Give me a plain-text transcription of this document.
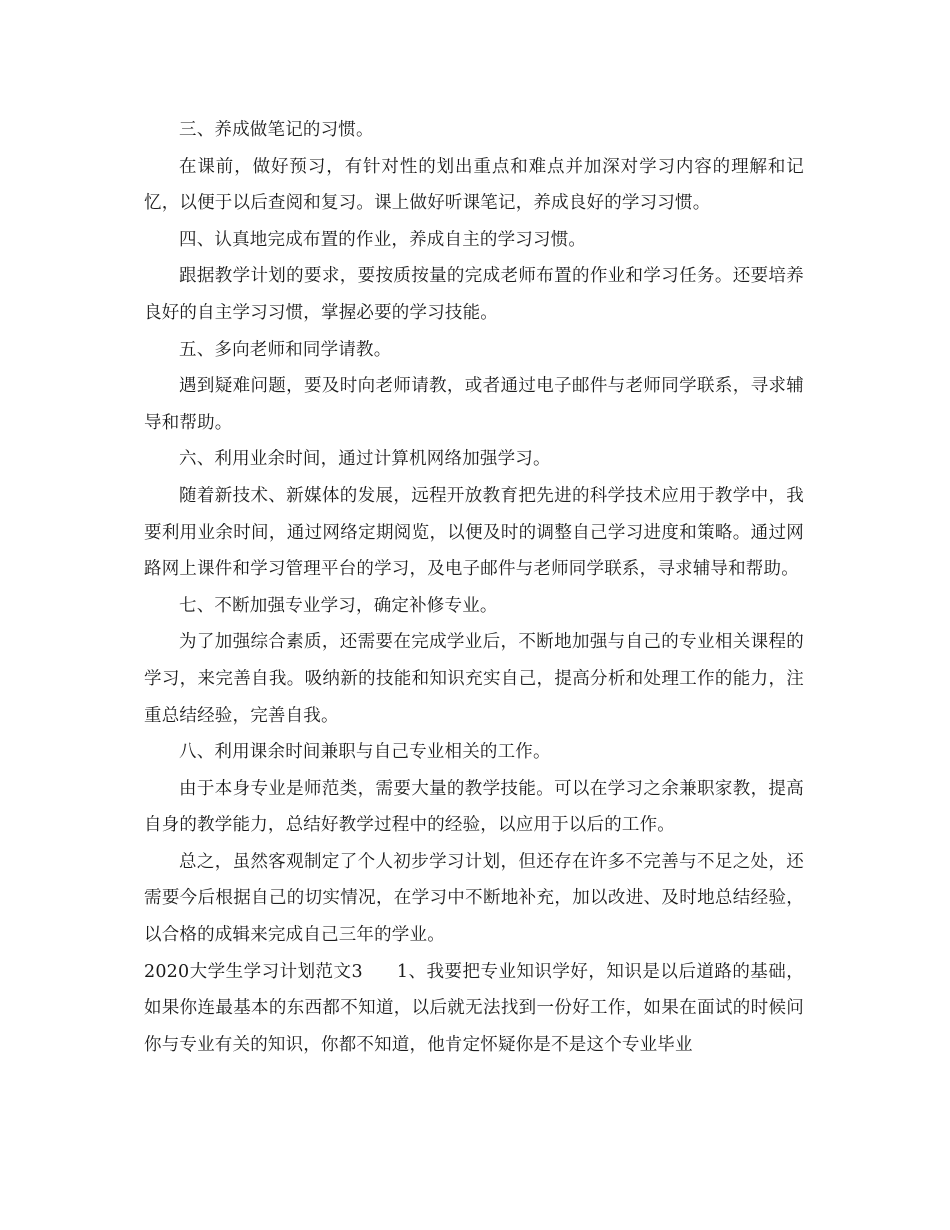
三、养成做笔记的习惯。

在课前，做好预习，有针对性的划出重点和难点并加深对学习内容的理解和记忆，以便于以后查阅和复习。课上做好听课笔记，养成良好的学习习惯。

四、认真地完成布置的作业，养成自主的学习习惯。

跟据教学计划的要求，要按质按量的完成老师布置的作业和学习任务。还要培养良好的自主学习习惯，掌握必要的学习技能。

五、多向老师和同学请教。

遇到疑难问题，要及时向老师请教，或者通过电子邮件与老师同学联系，寻求辅导和帮助。

六、利用业余时间，通过计算机网络加强学习。

随着新技术、新媒体的发展，远程开放教育把先进的科学技术应用于教学中，我要利用业余时间，通过网络定期阅览，以便及时的调整自己学习进度和策略。通过网路网上课件和学习管理平台的学习，及电子邮件与老师同学联系，寻求辅导和帮助。

七、不断加强专业学习，确定补修专业。

为了加强综合素质，还需要在完成学业后，不断地加强与自己的专业相关课程的学习，来完善自我。吸纳新的技能和知识充实自己，提高分析和处理工作的能力，注重总结经验，完善自我。

八、利用课余时间兼职与自己专业相关的工作。

由于本身专业是师范类，需要大量的教学技能。可以在学习之余兼职家教，提高自身的教学能力，总结好教学过程中的经验，以应用于以后的工作。

总之，虽然客观制定了个人初步学习计划，但还存在许多不完善与不足之处，还需要今后根据自己的切实情况，在学习中不断地补充，加以改进、及时地总结经验，以合格的成辑来完成自己三年的学业。

2020大学生学习计划范文3 1、我要把专业知识学好，知识是以后道路的基础，如果你连最基本的东西都不知道，以后就无法找到一份好工作，如果在面试的时候问你与专业有关的知识，你都不知道，他肯定怀疑你是不是这个专业毕业
